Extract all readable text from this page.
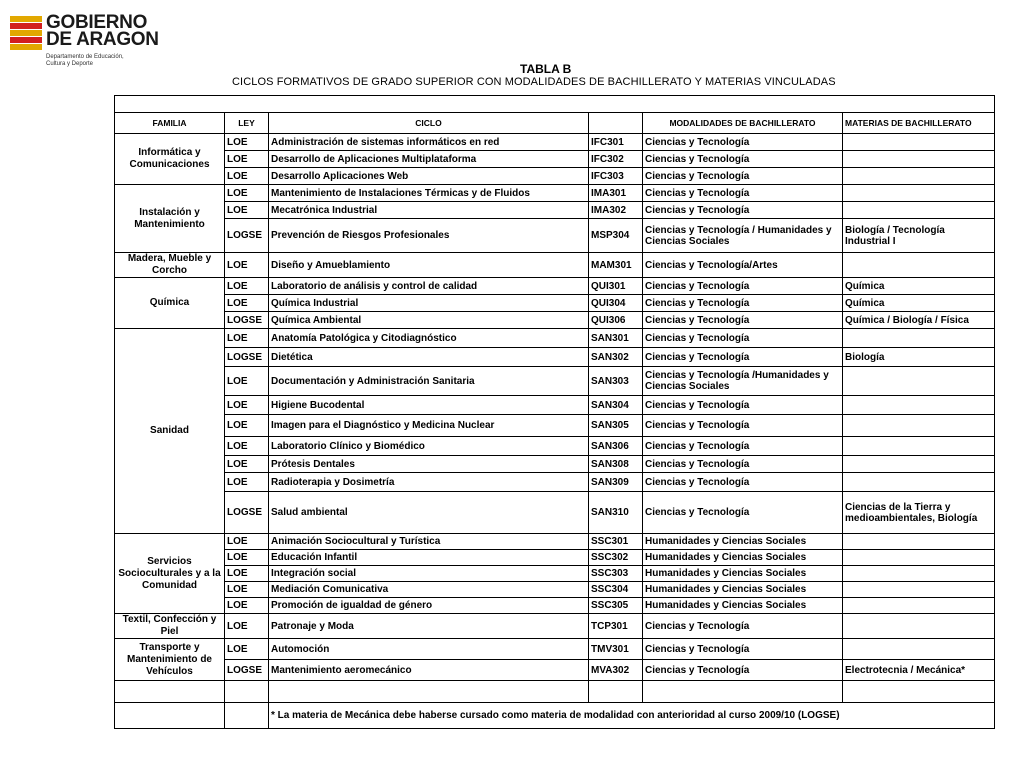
GOBIERNO
DE ARAGON
Departamento de Educación,
Cultura y Deporte	TABLA B
CICLOS FORMATIVOS DE GRADO SUPERIOR CON MODALIDADES DE BACHILLERATO Y MATERIAS VINCULADAS

FAMILIA	LEY	CICLO		MODALIDADES DE BACHILLERATO	MATERIAS DE BACHILLERATO
Informática y Comunicaciones	LOE	Administración de sistemas informáticos en red	IFC301	Ciencias y Tecnología	
	LOE	Desarrollo de Aplicaciones Multiplataforma	IFC302	Ciencias y Tecnología	
	LOE	Desarrollo Aplicaciones Web	IFC303	Ciencias y Tecnología	
Instalación y Mantenimiento	LOE	Mantenimiento de Instalaciones Térmicas y de Fluidos	IMA301	Ciencias y Tecnología	
	LOE	Mecatrónica Industrial	IMA302	Ciencias y Tecnología	
	LOGSE	Prevención de Riesgos Profesionales	MSP304	Ciencias y Tecnología / Humanidades y Ciencias Sociales	Biología / Tecnología Industrial I
Madera, Mueble y Corcho	LOE	Diseño y Amueblamiento	MAM301	Ciencias y Tecnología/Artes	
Química	LOE	Laboratorio de análisis y control de calidad	QUI301	Ciencias y Tecnología	Química
	LOE	Química Industrial	QUI304	Ciencias y Tecnología	Química
	LOGSE	Química Ambiental	QUI306	Ciencias y Tecnología	Química / Biología / Física
Sanidad	LOE	Anatomía Patológica y Citodiagnóstico	SAN301	Ciencias y Tecnología	
	LOGSE	Dietética	SAN302	Ciencias y Tecnología	Biología
	LOE	Documentación y Administración Sanitaria	SAN303	Ciencias y Tecnología /Humanidades y Ciencias Sociales	
	LOE	Higiene Bucodental	SAN304	Ciencias y Tecnología	
	LOE	Imagen para el Diagnóstico y Medicina Nuclear	SAN305	Ciencias y Tecnología	
	LOE	Laboratorio Clínico y Biomédico	SAN306	Ciencias y Tecnología	
	LOE	Prótesis Dentales	SAN308	Ciencias y Tecnología	
	LOE	Radioterapia y Dosimetría	SAN309	Ciencias y Tecnología	
	LOGSE	Salud ambiental	SAN310	Ciencias y Tecnología	Ciencias de la Tierra y medioambientales, Biología
Servicios Socioculturales y a la Comunidad	LOE	Animación Sociocultural y Turística	SSC301	Humanidades y Ciencias Sociales	
	LOE	Educación Infantil	SSC302	Humanidades y Ciencias Sociales	
	LOE	Integración social	SSC303	Humanidades y Ciencias Sociales	
	LOE	Mediación Comunicativa	SSC304	Humanidades y Ciencias Sociales	
	LOE	Promoción de igualdad de género	SSC305	Humanidades y Ciencias Sociales	
Textil, Confección y Piel	LOE	Patronaje y Moda	TCP301	Ciencias y Tecnología	
Transporte y Mantenimiento de Vehículos	LOE	Automoción	TMV301	Ciencias y Tecnología	
	LOGSE	Mantenimiento aeromecánico	MVA302	Ciencias y Tecnología	Electrotecnia / Mecánica*

		* La materia de Mecánica debe haberse cursado como materia de modalidad con anterioridad al curso 2009/10 (LOGSE)			
